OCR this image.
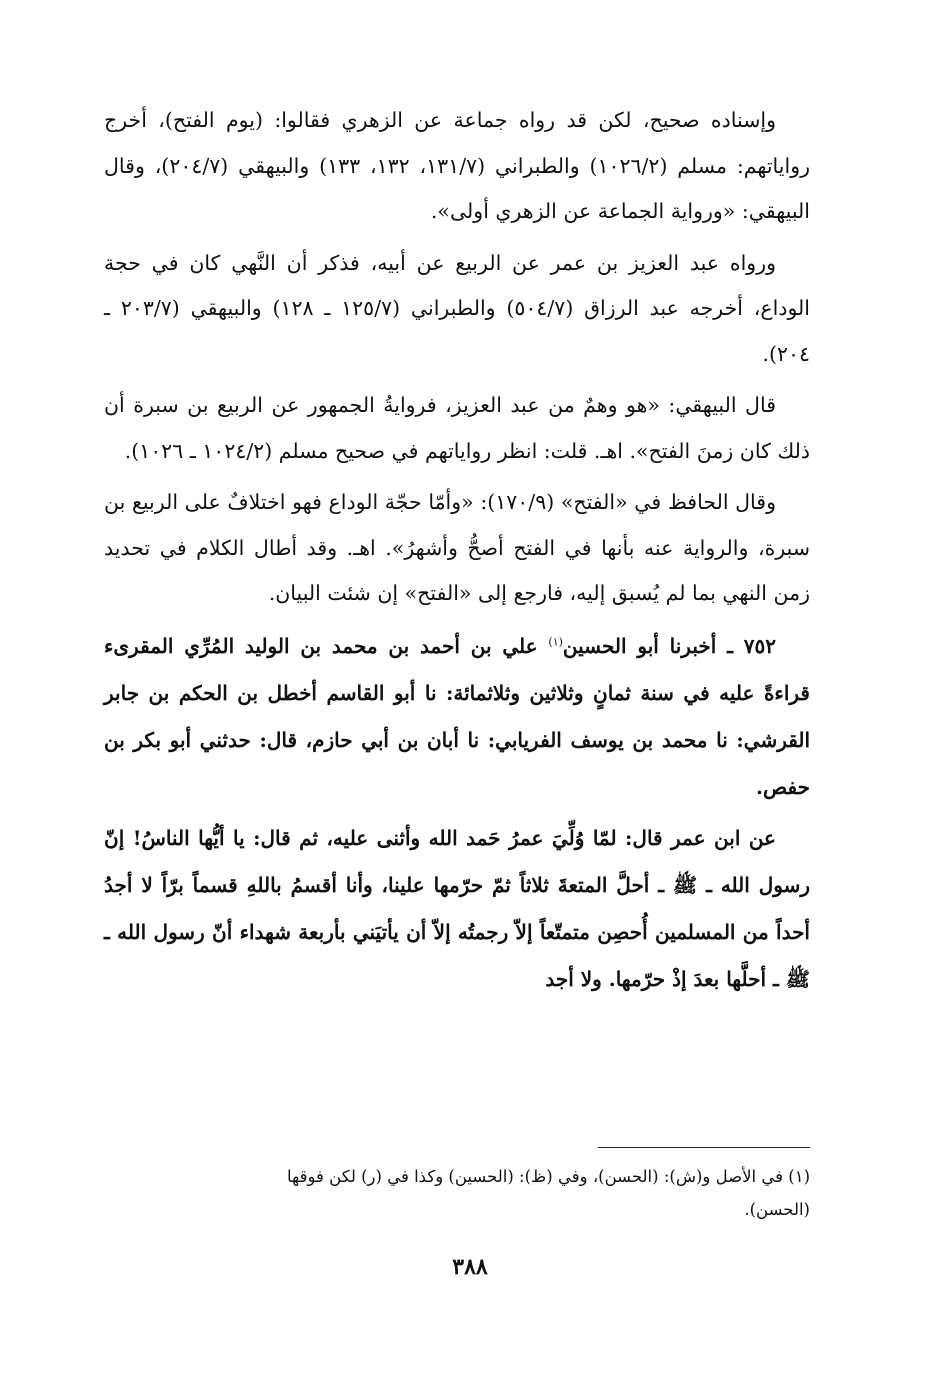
وإسناده صحيح، لكن قد رواه جماعة عن الزهري فقالوا: (يوم الفتح)، أخرج رواياتهم: مسلم (١٠٢٦/٢) والطبراني (١٣١/٧، ١٣٢، ١٣٣) والبيهقي (٢٠٤/٧)، وقال البيهقي: «ورواية الجماعة عن الزهري أولى».

ورواه عبد العزيز بن عمر عن الربيع عن أبيه، فذكر أن النَّهي كان في حجة الوداع، أخرجه عبد الرزاق (٥٠٤/٧) والطبراني (١٢٥/٧ ـ ١٢٨) والبيهقي (٢٠٣/٧ ـ ٢٠٤).

قال البيهقي: «هو وهمٌ من عبد العزيز، فروايةُ الجمهور عن الربيع بن سبرة أن ذلك كان زمنَ الفتح». اهـ. قلت: انظر رواياتهم في صحيح مسلم (١٠٢٤/٢ ـ ١٠٢٦).

وقال الحافظ في «الفتح» (١٧٠/٩): «وأمّا حجّة الوداع فهو اختلافٌ على الربيع بن سبرة، والرواية عنه بأنها في الفتح أصحُّ وأشهرُ». اهـ. وقد أطال الكلام في تحديد زمن النهي بما لم يُسبق إليه، فارجع إلى «الفتح» إن شئت البيان.

٧٥٢ ـ أخبرنا أبو الحسين$^{(١)}$ علي بن أحمد بن محمد بن الوليد المُرِّي المقرىء قراءةً عليه في سنة ثمانٍ وثلاثين وثلاثمائة: نا أبو القاسم أخطل بن الحكم بن جابر القرشي: نا محمد بن يوسف الفريابي: نا أبان بن أبي حازم، قال: حدثني أبو بكر بن حفص.

عن ابن عمر قال: لمّا وُلِّيَ عمرُ حَمد الله وأثنى عليه، ثم قال: يا أيُّها الناسُ! إنّ رسول الله ـ ﷺ ـ أحلَّ المتعةَ ثلاثاً ثمّ حرّمها علينا، وأنا أقسمُ باللهِ قسماً برّاً لا أجدُ أحداً من المسلمين أُحصِن متمتّعاً إلاّ رجمتُه إلاّ أن يأتيَني بأربعة شهداء أنّ رسول الله ـ ﷺ ـ أحلَّها بعدَ إذْ حرّمها. ولا أجد

(١) في الأصل و(ش): (الحسن)، وفي (ظ): (الحسين) وكذا في (ر) لكن فوقها

(الحسن).

٣٨٨
